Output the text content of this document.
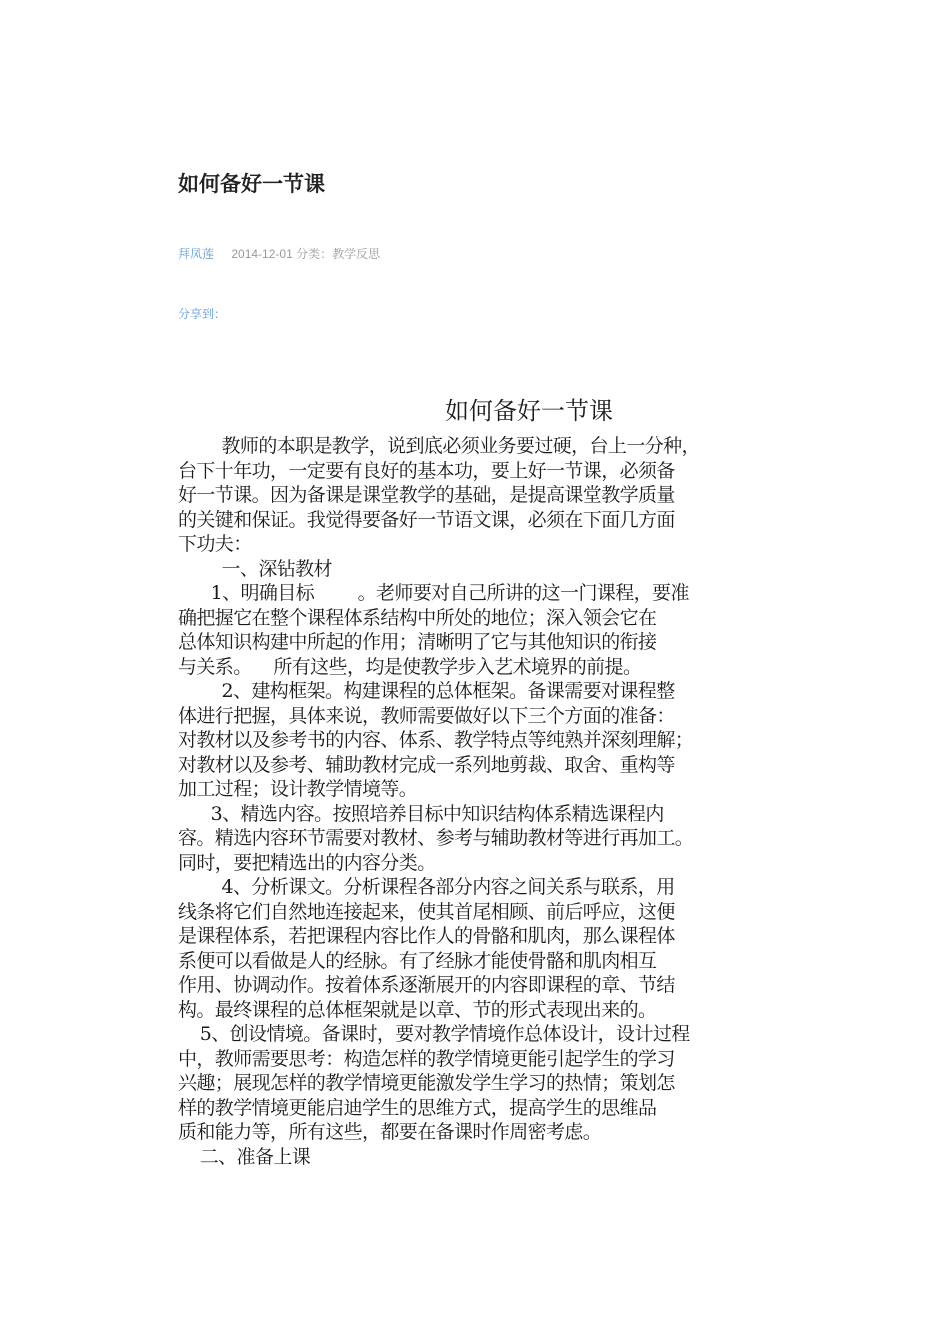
如何备好一节课
拜凤莲 2014-12-01 分类：教学反思
分享到：
如何备好一节课

教师的本职是教学，说到底必须业务要过硬，台上一分种，

台下十年功，一定要有良好的基本功，要上好一节课，必须备

好一节课。因为备课是课堂教学的基础，是提高课堂教学质量

的关键和保证。我觉得要备好一节语文课，必须在下面几方面

下功夫：

一、深钻教材

1、明确目标        。老师要对自己所讲的这一门课程，要准

确把握它在整个课程体系结构中所处的地位；深入领会它在

总体知识构建中所起的作用；清晰明了它与其他知识的衔接

与关系。    所有这些，均是使教学步入艺术境界的前提。

2、建构框架。构建课程的总体框架。备课需要对课程整

体进行把握，具体来说，教师需要做好以下三个方面的准备：

对教材以及参考书的内容、体系、教学特点等纯熟并深刻理解；

对教材以及参考、辅助教材完成一系列地剪裁、取舍、重构等

加工过程；设计教学情境等。

3、精选内容。按照培养目标中知识结构体系精选课程内

容。精选内容环节需要对教材、参考与辅助教材等进行再加工。

同时，要把精选出的内容分类。

4、分析课文。分析课程各部分内容之间关系与联系，用

线条将它们自然地连接起来，使其首尾相顾、前后呼应，这便

是课程体系，若把课程内容比作人的骨骼和肌肉，那么课程体

系便可以看做是人的经脉。有了经脉才能使骨骼和肌肉相互

作用、协调动作。按着体系逐渐展开的内容即课程的章、节结

构。最终课程的总体框架就是以章、节的形式表现出来的。

5、创设情境。备课时，要对教学情境作总体设计，设计过程

中，教师需要思考：构造怎样的教学情境更能引起学生的学习

兴趣；展现怎样的教学情境更能激发学生学习的热情；策划怎

样的教学情境更能启迪学生的思维方式，提高学生的思维品

质和能力等，所有这些，都要在备课时作周密考虑。

二、准备上课
